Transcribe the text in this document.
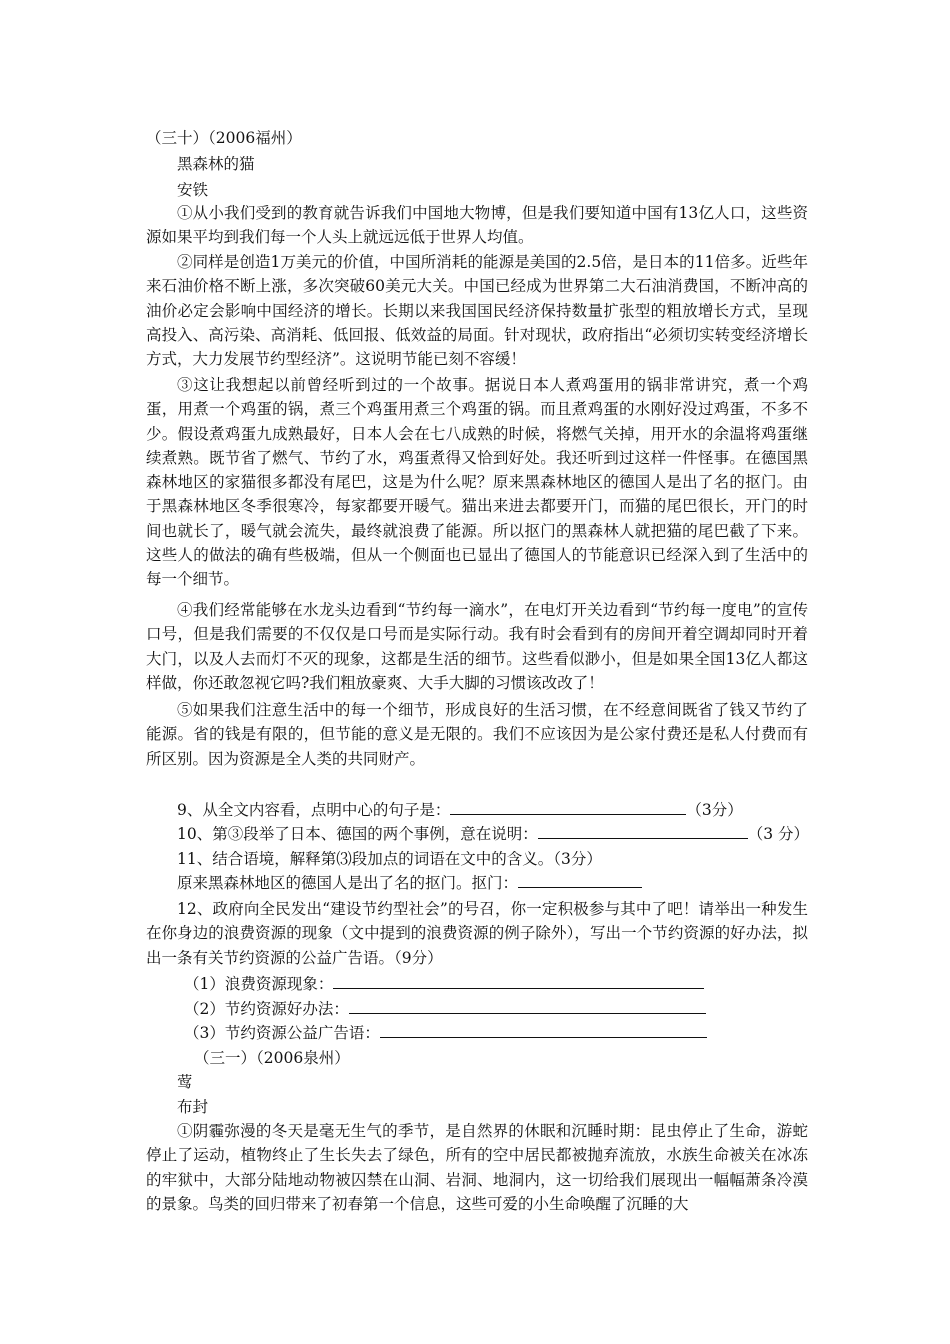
（三十）（2006福州）
黑森林的猫
安铁
①从小我们受到的教育就告诉我们中国地大物博，但是我们要知道中国有13亿人口，这些资源如果平均到我们每一个人头上就远远低于世界人均值。
②同样是创造1万美元的价值，中国所消耗的能源是美国的2.5倍，是日本的11倍多。近些年来石油价格不断上涨，多次突破60美元大关。中国已经成为世界第二大石油消费国，不断冲高的油价必定会影响中国经济的增长。长期以来我国国民经济保持数量扩张型的粗放增长方式，呈现高投入、高污染、高消耗、低回报、低效益的局面。针对现状，政府指出“必须切实转变经济增长方式，大力发展节约型经济”。这说明节能已刻不容缓！
③这让我想起以前曾经听到过的一个故事。据说日本人煮鸡蛋用的锅非常讲究，煮一个鸡蛋，用煮一个鸡蛋的锅，煮三个鸡蛋用煮三个鸡蛋的锅。而且煮鸡蛋的水刚好没过鸡蛋，不多不少。假设煮鸡蛋九成熟最好，日本人会在七八成熟的时候，将燃气关掉，用开水的余温将鸡蛋继续煮熟。既节省了燃气、节约了水，鸡蛋煮得又恰到好处。我还听到过这样一件怪事。在德国黑森林地区的家猫很多都没有尾巴，这是为什么呢？原来黑森林地区的德国人是出了名的抠门。由于黑森林地区冬季很寒冷，每家都要开暖气。猫出来进去都要开门，而猫的尾巴很长，开门的时间也就长了，暖气就会流失，最终就浪费了能源。所以抠门的黑森林人就把猫的尾巴截了下来。这些人的做法的确有些极端，但从一个侧面也已显出了德国人的节能意识已经深入到了生活中的每一个细节。
④我们经常能够在水龙头边看到“节约每一滴水”，在电灯开关边看到“节约每一度电”的宣传口号，但是我们需要的不仅仅是口号而是实际行动。我有时会看到有的房间开着空调却同时开着大门，以及人去而灯不灭的现象，这都是生活的细节。这些看似渺小，但是如果全国13亿人都这样做，你还敢忽视它吗?我们粗放豪爽、大手大脚的习惯该改改了！
⑤如果我们注意生活中的每一个细节，形成良好的生活习惯，在不经意间既省了钱又节约了能源。省的钱是有限的，但节能的意义是无限的。我们不应该因为是公家付费还是私人付费而有所区别。因为资源是全人类的共同财产。
9、从全文内容看，点明中心的句子是：	（3分）
10、第③段举了日本、德国的两个事例，意在说明：	（3 分）
11、结合语境，解释第⑶段加点的词语在文中的含义。（3分）
原来黑森林地区的德国人是出了名的抠门。抠门：
12、政府向全民发出“建设节约型社会”的号召，你一定积极参与其中了吧！请举出一种发生在你身边的浪费资源的现象（文中提到的浪费资源的例子除外），写出一个节约资源的好办法，拟出一条有关节约资源的公益广告语。（9分）
（1）浪费资源现象：
（2）节约资源好办法：
（3）节约资源公益广告语：
（三一）（2006泉州）
莺
布封
①阴霾弥漫的冬天是毫无生气的季节，是自然界的休眠和沉睡时期：昆虫停止了生命，游蛇停止了运动，植物终止了生长失去了绿色，所有的空中居民都被抛弃流放，水族生命被关在冰冻的牢狱中，大部分陆地动物被囚禁在山洞、岩洞、地洞内，这一切给我们展现出一幅幅萧条冷漠的景象。鸟类的回归带来了初春第一个信息，这些可爱的小生命唤醒了沉睡的大
